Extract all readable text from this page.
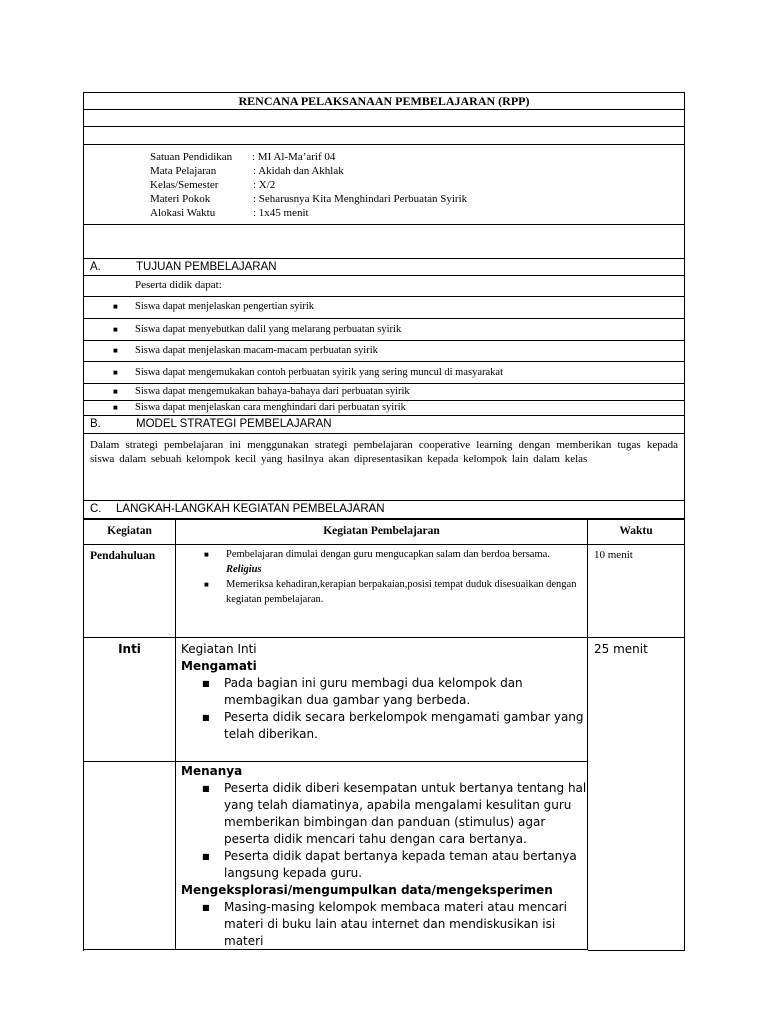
RENCANA PELAKSANAAN PEMBELAJARAN (RPP)
Satuan Pendidikan	: MI Al-Ma’arif 04
Mata Pelajaran	: Akidah dan Akhlak
Kelas/Semester	: X/2
Materi Pokok	: Seharusnya Kita Menghindari Perbuatan Syirik
Alokasi Waktu	: 1x45 menit
A.	TUJUAN PEMBELAJARAN
Peserta didik dapat:
■	Siswa dapat menjelaskan pengertian syirik
■	Siswa dapat menyebutkan dalil yang melarang perbuatan syirik
■	Siswa dapat menjelaskan macam-macam perbuatan syirik
■	Siswa dapat mengemukakan contoh perbuatan syirik yang sering muncul di masyarakat
■	Siswa dapat mengemukakan bahaya-bahaya dari perbuatan syirik
■	Siswa dapat menjelaskan cara menghindari dari perbuatan syirik
B.	MODEL STRATEGI PEMBELAJARAN
Dalam strategi pembelajaran ini menggunakan strategi pembelajaran cooperative learning dengan memberikan tugas kepada siswa dalam sebuah kelompok kecil yang hasilnya akan dipresentasikan kepada kelompok lain dalam kelas
C.	LANGKAH-LANGKAH KEGIATAN PEMBELAJARAN
Kegiatan	Kegiatan Pembelajaran	Waktu
Pendahuluan	■	Pembelajaran dimulai dengan guru mengucapkan salam dan berdoa bersama. Religius
■	Memeriksa kehadiran,kerapian berpakaian,posisi tempat duduk disesuaikan dengan kegiatan pembelajaran.
10 menit
Inti	Kegiatan Inti
Mengamati
■	Pada bagian ini guru membagi dua kelompok dan membagikan dua gambar yang berbeda.
■	Peserta didik secara berkelompok mengamati gambar yang telah diberikan.
25 menit
Menanya
■	Peserta didik diberi kesempatan untuk bertanya tentang hal yang telah diamatinya, apabila mengalami kesulitan guru memberikan bimbingan dan panduan (stimulus) agar peserta didik mencari tahu dengan cara bertanya.
■	Peserta didik dapat bertanya kepada teman atau bertanya langsung kepada guru.
Mengeksplorasi/mengumpulkan data/mengeksperimen
■	Masing-masing kelompok membaca materi atau mencari materi di buku lain atau internet dan mendiskusikan isi materi
